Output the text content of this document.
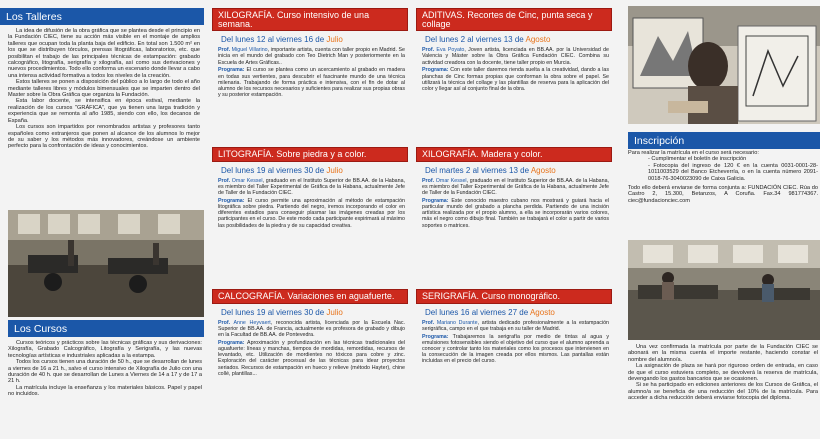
Los Talleres

La idea de difusión de la obra gráfica que se plantea desde el principio en la Fundación CIEC, tiene su acción más visible en el montaje de amplios talleres que ocupan toda la planta baja del edificio. En total son 1.500 m² en los que se distribuyen tórculos, prensas litográficas, laboratorios, etc. que posibilitan el trabajo de las principales técnicas de estampación: grabado calcográfico, litografía, serigrafía y xilografía, así como sus derivaciones y nuevos procedimientos. Todo ello conforma un escenario donde llevar a cabo una intensa actividad formativa a todos los niveles de la creación.

Estos talleres se ponen a disposición del público a lo largo de todo el año mediante talleres libres y módulos bimensuales que se imparten dentro del Master sobre la Obra Gráfica que organiza la Fundación.

Esta labor docente, se intensifica en época estival, mediante la realización de los cursos "GRÁFICA", que ya tienen una larga tradición y experiencia que se remonta al año 1985, siendo con ello, los decanos de España.

Los cursos son impartidos por renombrados artistas y profesores tanto españoles como extranjeros que ponen al alcance de los alumnos lo mejor de su saber y los métodos más innovadores, creándose un ambiente perfecto para la confrontación de ideas y conocimientos.

Los Cursos

Cursos teóricos y prácticos sobre las técnicas gráficas y sus derivaciones: Xilografía, Grabado Calcográfico, Litografía y Serigrafía, y las nuevas tecnologías artísticas e industriales aplicadas a la estampa.

Todos los cursos tienen una duración de 50 h., que se desarrollan de lunes a viernes de 16 a 21 h., salvo el curso intensivo de Xilografía de Julio con una duración de 40 h. que se desarrollan de Lunes a Viernes de 14 a 17 y de 17 a 21 h.

La matrícula incluye la enseñanza y los materiales básicos. Papel y papel no incluidos.

XILOGRAFÍA. Curso intensivo de una semana.
Del lunes 12 al viernes 16 de Julio

Prof. Miguel Villarino, importante artista, cuenta con taller propio en Madrid. Se inicia en el mundo del grabado con Teo Dietrich Man y posteriormente en la Escuela de Artes Gráficas..

Programa: El curso se plantea como un acercamiento al grabado en madera en todas sus vertientes, para descubrir el fascinante mundo de una técnica milenaria. Trabajando de forma práctica e intensiva, con el fin de dotar al alumno de los recursos necesarios y suficientes para realizar sus propias obras y su posterior estampación.

LITOGRAFÍA. Sobre piedra y a color.
Del lunes 19 al viernes 30 de Julio

Prof. Omar Kessel, graduado en el Instituto Superior de BB.AA. de la Habana, es miembro del Taller Experimental de Gráfica de la Habana, actualmente Jefe de Taller de la Fundación CIEC.

Programa: El curso permite una aproximación al método de estampación litográfica sobre piedra. Partiendo del negro, iremos incorporando el color en diferentes estadios para conseguir plasmar las imágenes creadas por los participantes en el curso. De este modo cada participante expirimará al máximo las posibilidades de la piedra y de su capacidad creativa.

CALCOGRAFÍA. Variaciones en aguafuerte.
Del lunes 19 al viernes 30 de Julio

Prof. Anne Heyvaert, reconocida artista, licenciada por la Escuela Nac. Superior de BB.AA. de Francia, actualmente es profesora de grabado y dibujo en la Facultad de BB.AA. de Pontevedra.

Programa: Aproximación y profundización en las técnicas tradicionales del aguafuerte: líneas y manchas, tiempos de mordidas, remordidas, recursos de levantado, etc. Utilización de mordientes no tóxicos para cobre y zinc. Exploración del carácter procesual de las técnicas para idear proyectos seriados. Recursos de estampación en hueco y relieve (método Hayter), chine collé, plantillas...

ADITIVAS. Recortes de Cinc, punta seca y collage
Del lunes 2 al viernes 13 de Agosto

Prof. Eva Poyato, Joven artista, licenciada en BB.AA. por la Universidad de Valencia y Máster sobre la Obra Gráfica Fundación CIEC. Combina su actividad creadora con la docente, tiene taller propio en Murcia.

Programa: Con este taller daremos rienda suelta a la creatividad, dando a las planchas de Cinc formas propias que conforman la obra sobre el papel. Se utilizará la técnica del collage y las plantillas de reserva para la aplicación del color y llegar así al conjunto final de la obra.

XILOGRAFÍA. Madera y color.
Del martes 2 al viernes 13 de Agosto

Prof. Omar Kessel, graduado en el Instituto Superior de BB.AA. de la Habana, es miembro del Taller Experimental de Gráfica de la Habana, actualmente Jefe de Taller de la Fundación CIEC.

Programa: Este conocido maestro cubano nos mostrará y guiará hacia el particular mundo del grabado a plancha perdida. Partiendo de una incisión artística realizada por el propio alumno, a ella se incorporarán varios colores, más el negro como dibujo final. También se trabajará el color a partir de varios soportes o matrices.

SERIGRAFÍA. Curso monográfico.
Del lunes 16 al viernes 27 de Agosto

Prof. Mariano Durante, artista dedicado profesionalmente a la estampación serigráfica, campo en el que trabaja en su taller de Madrid.

Programa: Trabajaremos la serigrafía por medio de tintas al agua y emulsiones fotosensibles siendo el objetivo del curso que el alumno aprenda a conocer y controlar tanto los materiales como los procesos que intervienen en la consecución de la imagen creada por ellos mismos. Las pantallas están incluidas en el precio del curso.

Inscripción

Para realizar la matrícula en el curso será necesario:

- Cumplimentar el boletín de inscripción

- Fotocopia del ingreso de 120 € en la cuenta 0031-0001-28-1011003529 del Banco Etcheverría, o en la cuenta número 2091-0018-76-3040023090 de Caixa Galicia.

Todo ello deberá enviarse de forma conjunta a: FUNDACIÓN CIEC. Rúa do Castro 2, 15.300, Betanzos, A Coruña. Fax.34 981774367. ciec@fundacionciec.com

Una vez confirmada la matrícula por parte de la Fundación CIEC se abonará en la misma cuenta el importe restante, haciendo constar el nombre del alumno/a.

La asignación de plaza se hará por riguroso orden de entrada, en caso de que el curso estuviera completo, se devolverá la reserva de matrícula, devengando los gastos bancarios que se ocasionen.

Si se ha participado en ediciones anteriores de los Cursos de Gráfica, el alumno/a se beneficia de una reducción del 10% de la matrícula. Para acceder a dicha reducción deberá enviarse fotocopia del diploma.
